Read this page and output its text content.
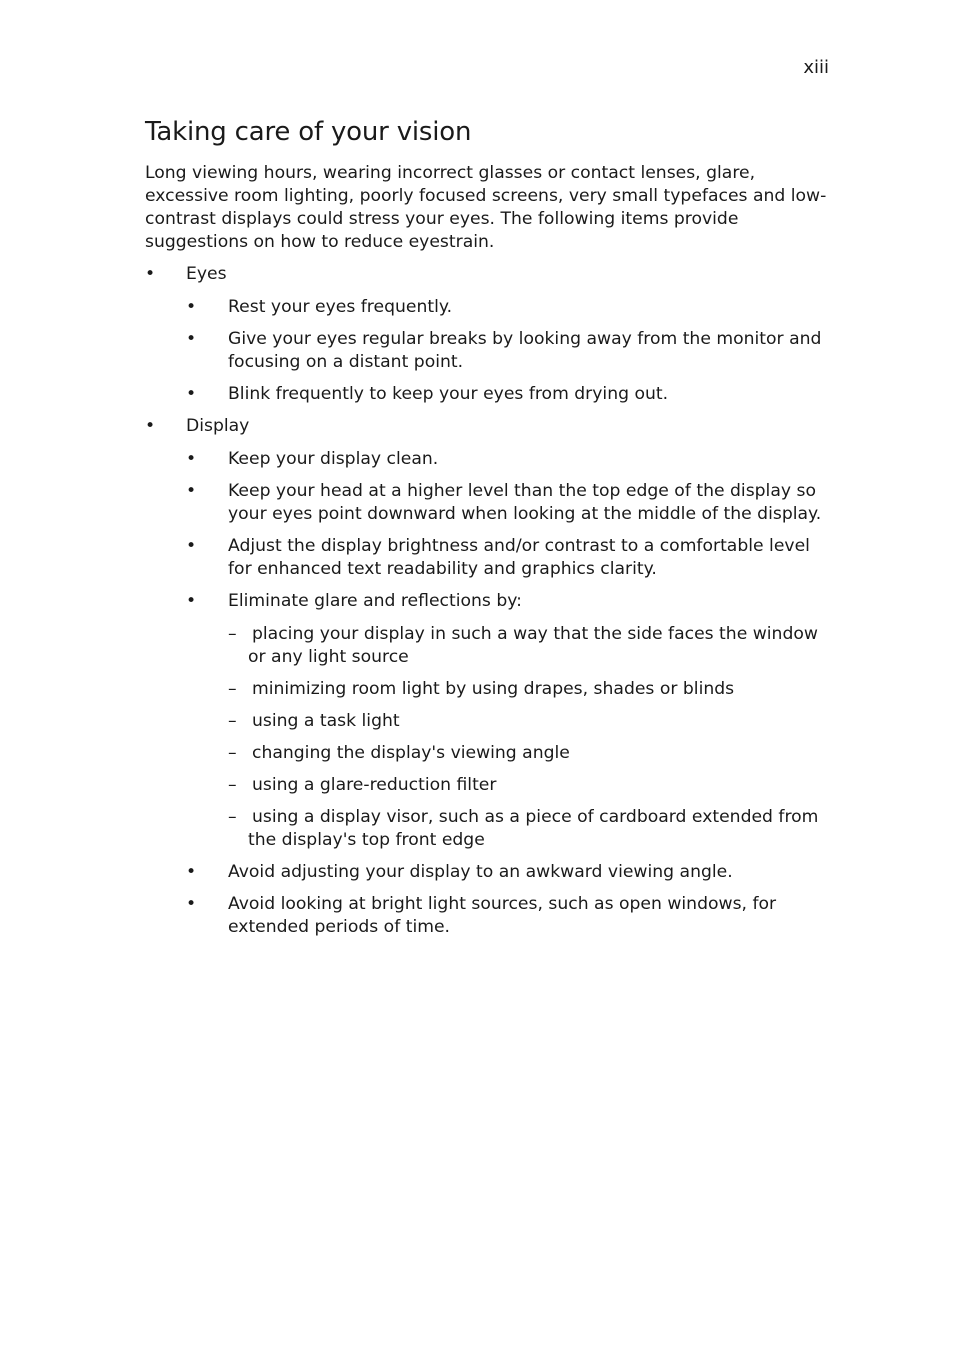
xiii
Taking care of your vision

Long viewing hours, wearing incorrect glasses or contact lenses, glare, excessive room lighting, poorly focused screens, very small typefaces and low-contrast displays could stress your eyes. The following items provide suggestions on how to reduce eyestrain.

• Eyes
• Rest your eyes frequently.
• Give your eyes regular breaks by looking away from the monitor and focusing on a distant point.
• Blink frequently to keep your eyes from drying out.
• Display
• Keep your display clean.
• Keep your head at a higher level than the top edge of the display so your eyes point downward when looking at the middle of the display.
• Adjust the display brightness and/or contrast to a comfortable level for enhanced text readability and graphics clarity.
• Eliminate glare and reflections by:
– placing your display in such a way that the side faces the window or any light source
– minimizing room light by using drapes, shades or blinds
– using a task light
– changing the display's viewing angle
– using a glare-reduction filter
– using a display visor, such as a piece of cardboard extended from the display's top front edge
• Avoid adjusting your display to an awkward viewing angle.
• Avoid looking at bright light sources, such as open windows, for extended periods of time.
